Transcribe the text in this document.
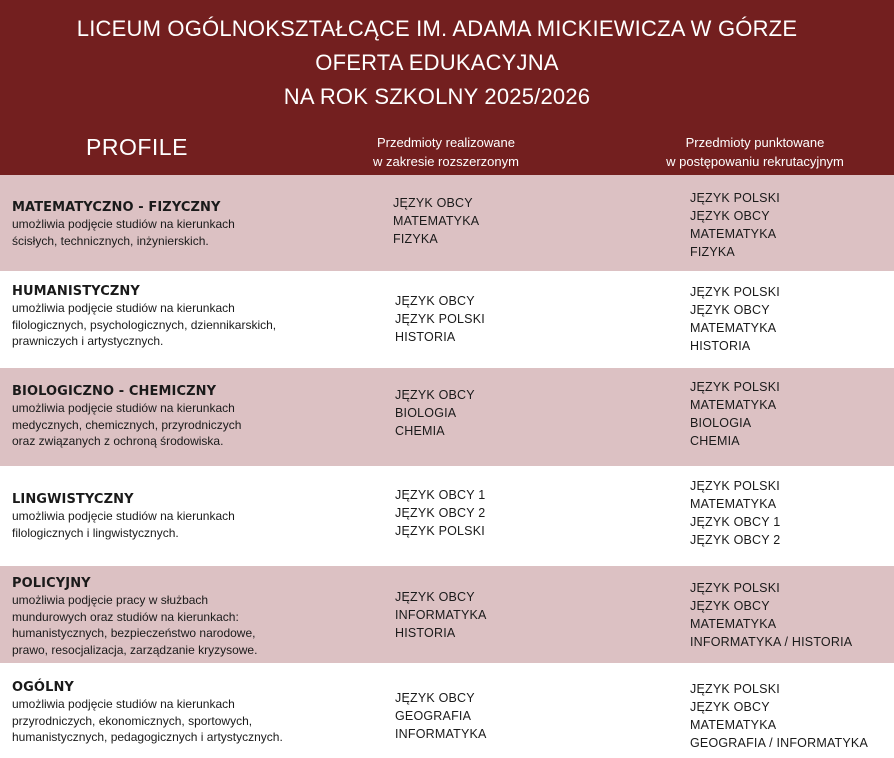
LICEUM OGÓLNOKSZTAŁCĄCE IM. ADAMA MICKIEWICZA W GÓRZE
OFERTA EDUKACYJNA
NA ROK SZKOLNY 2025/2026
PROFILE	Przedmioty realizowane
w zakresie rozszerzonym
Przedmioty punktowane
w postępowaniu rekrutacyjnym
MATEMATYCZNO - FIZYCZNY
umożliwia podjęcie studiów na kierunkach
ścisłych, technicznych, inżynierskich.
JĘZYK OBCY
MATEMATYKA
FIZYKA
JĘZYK POLSKI
JĘZYK OBCY
MATEMATYKA
FIZYKA
HUMANISTYCZNY
umożliwia podjęcie studiów na kierunkach
filologicznych, psychologicznych, dziennikarskich,
prawniczych i artystycznych.
JĘZYK OBCY
JĘZYK POLSKI
HISTORIA
JĘZYK POLSKI
JĘZYK OBCY
MATEMATYKA
HISTORIA
BIOLOGICZNO - CHEMICZNY
umożliwia podjęcie studiów na kierunkach
medycznych, chemicznych, przyrodniczych
oraz związanych z ochroną środowiska.
JĘZYK OBCY
BIOLOGIA
CHEMIA
JĘZYK POLSKI
MATEMATYKA
BIOLOGIA
CHEMIA
LINGWISTYCZNY
umożliwia podjęcie studiów na kierunkach
filologicznych i lingwistycznych.
JĘZYK OBCY 1
JĘZYK OBCY 2
JĘZYK POLSKI
JĘZYK POLSKI
MATEMATYKA
JĘZYK OBCY 1
JĘZYK OBCY 2
POLICYJNY
umożliwia podjęcie pracy w służbach
mundurowych oraz studiów na kierunkach:
humanistycznych, bezpieczeństwo narodowe,
prawo, resocjalizacja, zarządzanie kryzysowe.
JĘZYK OBCY
INFORMATYKA
HISTORIA
JĘZYK POLSKI
JĘZYK OBCY
MATEMATYKA
INFORMATYKA / HISTORIA
OGÓLNY
umożliwia podjęcie studiów na kierunkach
przyrodniczych, ekonomicznych, sportowych,
humanistycznych, pedagogicznych i artystycznych.
JĘZYK OBCY
GEOGRAFIA
INFORMATYKA
JĘZYK POLSKI
JĘZYK OBCY
MATEMATYKA
GEOGRAFIA / INFORMATYKA
